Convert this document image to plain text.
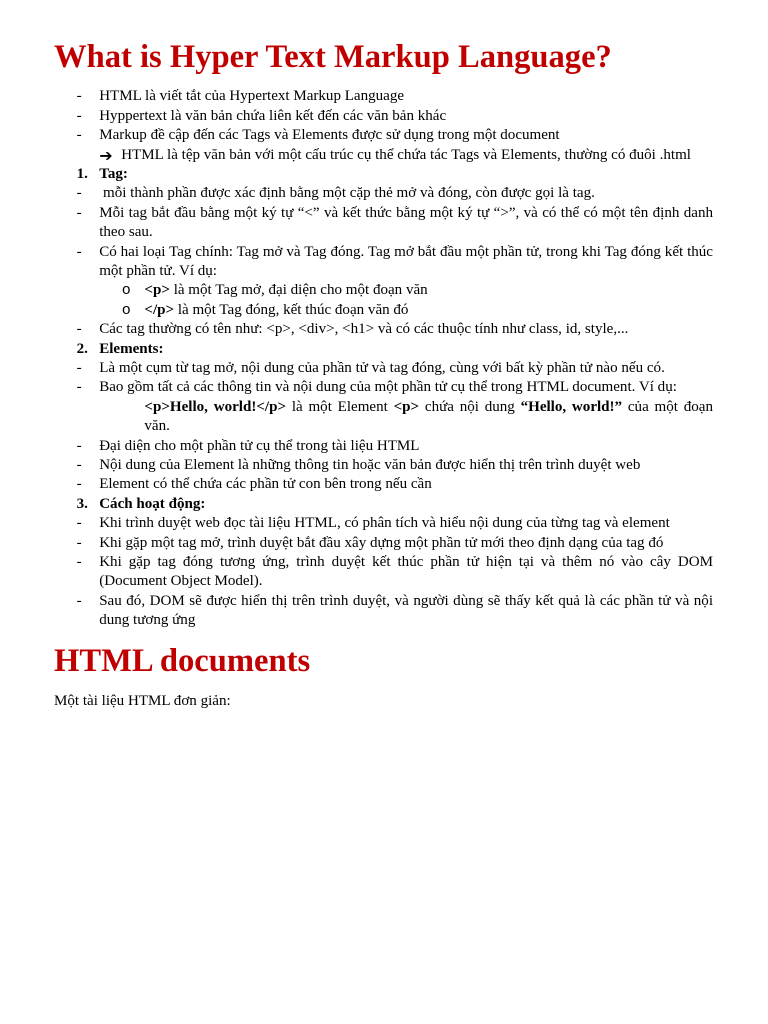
What is Hyper Text Markup Language?
-	HTML là viết tắt của Hypertext Markup Language
-	Hyppertext là văn bản chứa liên kết đến các văn bản khác
-	Markup đề cập đến các Tags và Elements được sử dụng trong một document
➔ HTML là tệp văn bản với một cấu trúc cụ thể chứa tác Tags và Elements, thường có đuôi .html
1. Tag:
-	mỗi thành phần được xác định bằng một cặp thẻ mở và đóng, còn được gọi là tag.
-	Mỗi tag bắt đầu bằng một ký tự “<” và kết thức bằng một ký tự “>”, và có thể có một tên định danh theo sau.
-	Có hai loại Tag chính: Tag mở và Tag đóng. Tag mở bắt đầu một phần tử, trong khi Tag đóng kết thúc một phần tử. Ví dụ:
o <p> là một Tag mở, đại diện cho một đoạn văn
o </p> là một Tag đóng, kết thúc đoạn văn đó
-	Các tag thường có tên như: <p>, <div>, <h1> và có các thuộc tính như class, id, style,...
2. Elements:
-	Là một cụm từ tag mở, nội dung của phần tử và tag đóng, cùng với bất kỳ phần tử nào nếu có.
-	Bao gồm tất cả các thông tin và nội dung của một phần tử cụ thể trong HTML document. Ví dụ:
<p>Hello, world!</p> là một Element <p> chứa nội dung “Hello, world!” của một đoạn văn.
-	Đại diện cho một phần tử cụ thể trong tài liệu HTML
-	Nội dung của Element là những thông tin hoặc văn bản được hiển thị trên trình duyệt web
-	Element có thể chứa các phần tử con bên trong nếu cần
3. Cách hoạt động:
-	Khi trình duyệt web đọc tài liệu HTML, có phân tích và hiểu nội dung của từng tag và element
-	Khi gặp một tag mở, trình duyệt bắt đầu xây dựng một phần tử mới theo định dạng của tag đó
-	Khi gặp tag đóng tương ứng, trình duyệt kết thúc phần tử hiện tại và thêm nó vào cây DOM (Document Object Model).
-	Sau đó, DOM sẽ được hiển thị trên trình duyệt, và người dùng sẽ thấy kết quả là các phần tử và nội dung tương ứng
HTML documents

Một tài liệu HTML đơn giản:
